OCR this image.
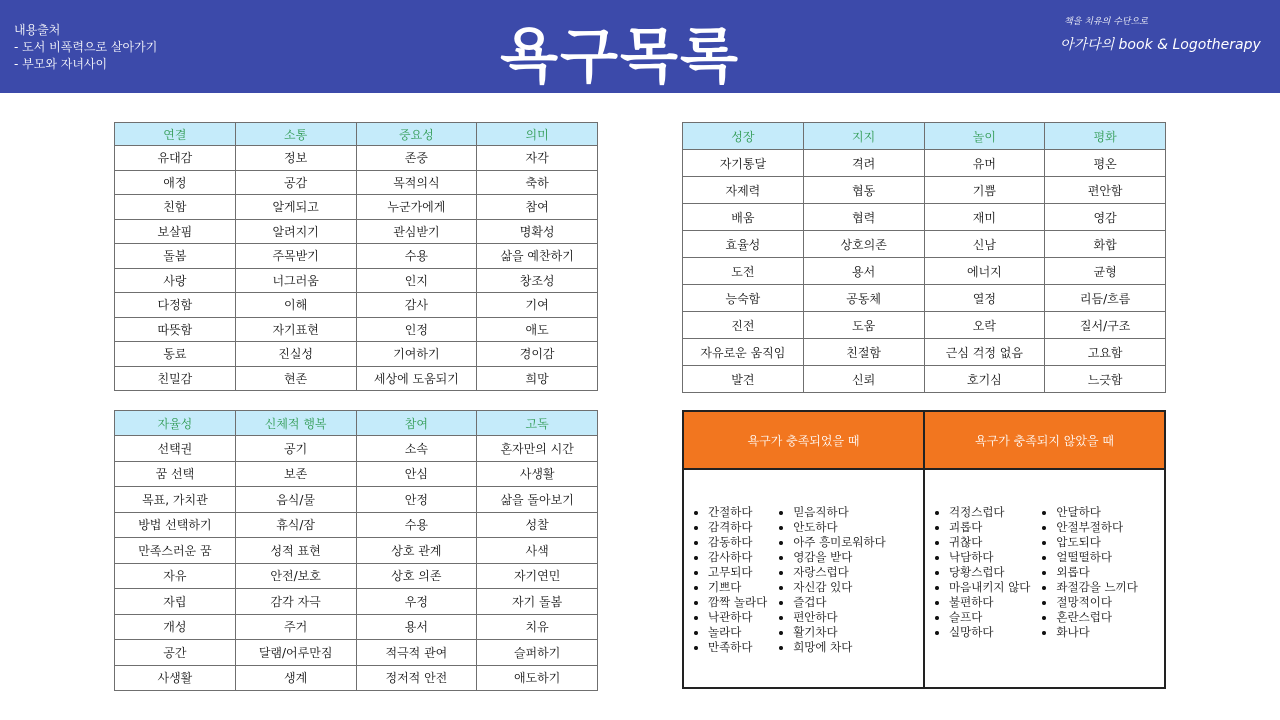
내용출처
- 도서 비폭력으로 살아가기
- 부모와 자녀사이	욕구목록	책을 치유의 수단으로
아가다의 book & Logotherapy
연결	소통	중요성	의미
유대감	정보	존중	자각
애정	공감	목적의식	축하
친함	알게되고	누군가에게	참여
보살핌	알려지기	관심받기	명확성
돌봄	주목받기	수용	삶을 예찬하기
사랑	너그러움	인지	창조성
다정함	이해	감사	기여
따뜻함	자기표현	인정	애도
동료	진실성	기여하기	경이감
친밀감	현존	세상에 도움되기	희망
성장	지지	놀이	평화
자기통달	격려	유머	평온
자제력	협동	기쁨	편안함
배움	협력	재미	영감
효율성	상호의존	신남	화합
도전	용서	에너지	균형
능숙함	공동체	열정	리듬/흐름
진전	도움	오락	질서/구조
자유로운 움직임	친절함	근심 걱정 없음	고요함
발견	신뢰	호기심	느긋함
자율성	신체적 행복	참여	고독
선택권	공기	소속	혼자만의 시간
꿈 선택	보존	안심	사생활
목표, 가치관	음식/물	안정	삶을 돌아보기
방법 선택하기	휴식/잠	수용	성찰
만족스러운 꿈	성적 표현	상호 관계	사색
자유	안전/보호	상호 의존	자기연민
자립	감각 자극	우정	자기 돌봄
개성	주거	용서	치유
공간	달램/어루만짐	적극적 관여	슬퍼하기
사생활	생계	정저적 안전	애도하기
욕구가 충족되었을 때
• 간절하다
• 감격하다
• 감동하다
• 감사하다
• 고무되다
• 기쁘다
• 깜짝 놀라다
• 낙관하다
• 놀라다
• 만족하다
• 믿음직하다
• 안도하다
• 아주 흥미로워하다
• 영감을 받다
• 자랑스럽다
• 자신감 있다
• 즐겁다
• 편안하다
• 활기차다
• 희망에 차다
욕구가 충족되지 않았을 때
• 걱정스럽다
• 괴롭다
• 귀찮다
• 낙담하다
• 당황스럽다
• 마음내키지 않다
• 불편하다
• 슬프다
• 실망하다
• 안달하다
• 안절부절하다
• 압도되다
• 얼떨떨하다
• 외롭다
• 좌절감을 느끼다
• 절망적이다
• 혼란스럽다
• 화나다
